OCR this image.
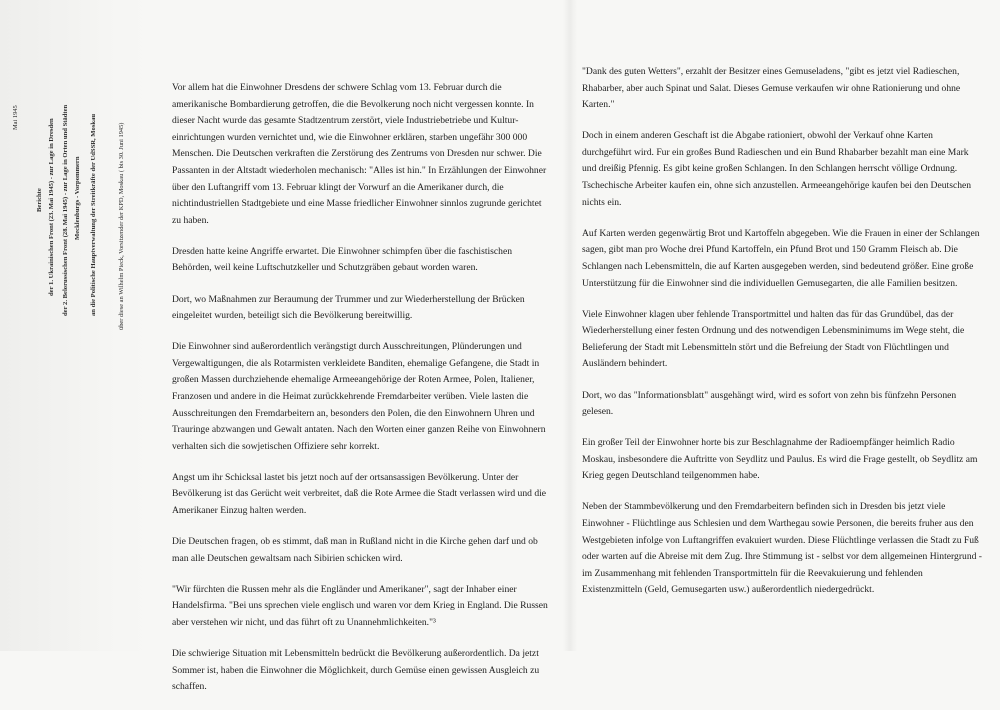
Mai 1945
Berichte der 1. Ukrainischen Front (23. Mai 1945) - zur Lage in Dresden der 2. Belorussischen Front (28. Mai 1945) - zur Lage in Orten und Städten Mecklenburgs - Vorpommern an die Politische Hauptverwaltung der Streitkräfte der UdSSR, Moskau	über diese an Wilhelm Pieck, Vorsitzender der KPD, Moskau ( bis 30. Juni 1945)

Vor allem hat die Einwohner Dresdens der schwere Schlag vom 13. Februar durch die amerikanische Bombardierung getroffen, die die Bevolkerung noch nicht vergessen konnte. In dieser Nacht wurde das gesamte Stadtzentrum zerstört, viele Industriebetriebe und Kultur-einrichtungen wurden vernichtet und, wie die Einwohner erklären, starben ungefähr 300 000 Menschen. Die Deutschen verkraften die Zerstörung des Zentrums von Dresden nur schwer. Die Passanten in der Altstadt wiederholen mechanisch: "Alles ist hin." In Erzählungen der Einwohner über den Luftangriff vom 13. Februar klingt der Vorwurf an die Amerikaner durch, die nichtindustriellen Stadtgebiete und eine Masse friedlicher Einwohner sinnlos zugrunde gerichtet zu haben.

Dresden hatte keine Angriffe erwartet. Die Einwohner schimpfen über die faschistischen Behörden, weil keine Luftschutzkeller und Schutzgräben gebaut worden waren.

Dort, wo Maßnahmen zur Beraumung der Trummer und zur Wiederherstellung der Brücken eingeleitet wurden, beteiligt sich die Bevölkerung bereitwillig.

Die Einwohner sind außerordentlich verängstigt durch Ausschreitungen, Plünderungen und Vergewaltigungen, die als Rotarmisten verkleidete Banditen, ehemalige Gefangene, die Stadt in großen Massen durchziehende ehemalige Armeeangehörige der Roten Armee, Polen, Italiener, Franzosen und andere in die Heimat zurückkehrende Fremdarbeiter verüben. Viele lasten die Ausschreitungen den Fremdarbeitern an, besonders den Polen, die den Einwohnern Uhren und Trauringe abzwangen und Gewalt antaten. Nach den Worten einer ganzen Reihe von Einwohnern verhalten sich die sowjetischen Offiziere sehr korrekt.

Angst um ihr Schicksal lastet bis jetzt noch auf der ortsansassigen Bevölkerung. Unter der Bevölkerung ist das Gerücht weit verbreitet, daß die Rote Armee die Stadt verlassen wird und die Amerikaner Einzug halten werden.

Die Deutschen fragen, ob es stimmt, daß man in Rußland nicht in die Kirche gehen darf und ob man alle Deutschen gewaltsam nach Sibirien schicken wird.

"Wir fürchten die Russen mehr als die Engländer und Amerikaner", sagt der Inhaber einer Handelsfirma. "Bei uns sprechen viele englisch und waren vor dem Krieg in England. Die Russen aber verstehen wir nicht, und das führt oft zu Unannehmlichkeiten."³

Die schwierige Situation mit Lebensmitteln bedrückt die Bevölkerung außerordentlich. Da jetzt Sommer ist, haben die Einwohner die Möglichkeit, durch Gemüse einen gewissen Ausgleich zu schaffen.

"Dank des guten Wetters", erzahlt der Besitzer eines Gemuseladens, "gibt es jetzt viel Radieschen, Rhabarber, aber auch Spinat und Salat. Dieses Gemuse verkaufen wir ohne Rationierung und ohne Karten."

Doch in einem anderen Geschaft ist die Abgabe rationiert, obwohl der Verkauf ohne Karten durchgeführt wird. Fur ein großes Bund Radieschen und ein Bund Rhabarber bezahlt man eine Mark und dreißig Pfennig. Es gibt keine großen Schlangen. In den Schlangen herrscht völlige Ordnung. Tschechische Arbeiter kaufen ein, ohne sich anzustellen. Armeeangehörige kaufen bei den Deutschen nichts ein.

Auf Karten werden gegenwärtig Brot und Kartoffeln abgegeben. Wie die Frauen in einer der Schlangen sagen, gibt man pro Woche drei Pfund Kartoffeln, ein Pfund Brot und 150 Gramm Fleisch ab. Die Schlangen nach Lebensmitteln, die auf Karten ausgegeben werden, sind bedeutend größer. Eine große Unterstützung für die Einwohner sind die individuellen Gemusegarten, die alle Familien besitzen.

Viele Einwohner klagen uber fehlende Transportmittel und halten das für das Grundübel, das der Wiederherstellung einer festen Ordnung und des notwendigen Lebensminimums im Wege steht, die Belieferung der Stadt mit Lebensmitteln stört und die Befreiung der Stadt von Flüchtlingen und Ausländern behindert.

Dort, wo das "Informationsblatt" ausgehängt wird, wird es sofort von zehn bis fünfzehn Personen gelesen.

Ein großer Teil der Einwohner horte bis zur Beschlagnahme der Radioempfänger heimlich Radio Moskau, insbesondere die Auftritte von Seydlitz und Paulus. Es wird die Frage gestellt, ob Seydlitz am Krieg gegen Deutschland teilgenommen habe.

Neben der Stammbevölkerung und den Fremdarbeitern befinden sich in Dresden bis jetzt viele Einwohner - Flüchtlinge aus Schlesien und dem Warthegau sowie Personen, die bereits fruher aus den Westgebieten infolge von Luftangriffen evakuiert wurden. Diese Flüchtlinge verlassen die Stadt zu Fuß oder warten auf die Abreise mit dem Zug. Ihre Stimmung ist - selbst vor dem allgemeinen Hintergrund - im Zusammenhang mit fehlenden Transportmitteln für die Reevakuierung und fehlenden Existenzmitteln (Geld, Gemusegarten usw.) außerordentlich niedergedrückt.
